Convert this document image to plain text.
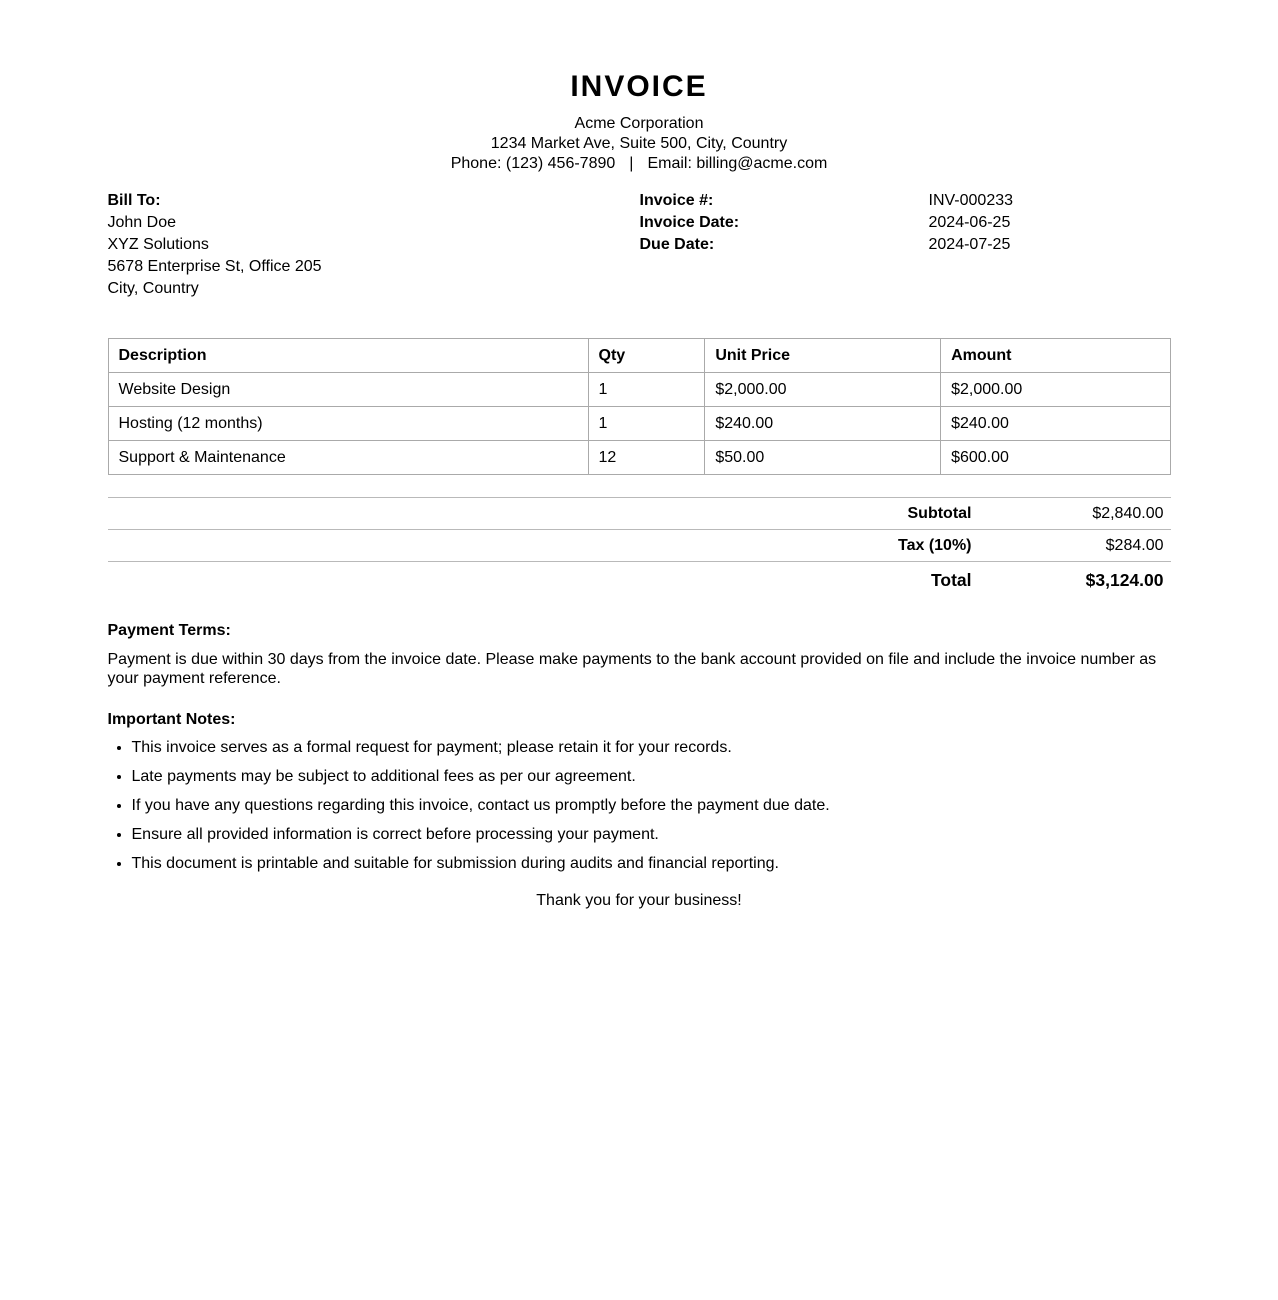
INVOICE
Acme Corporation
1234 Market Ave, Suite 500, City, Country
Phone: (123) 456-7890 | Email: billing@acme.com
Bill To:
John Doe
XYZ Solutions
5678 Enterprise St, Office 205
City, Country
Invoice #:	INV-000233
Invoice Date:	2024-06-25
Due Date:	2024-07-25
Description	Qty	Unit Price	Amount
Website Design	1	$2,000.00	$2,000.00
Hosting (12 months)	1	$240.00	$240.00
Support & Maintenance	12	$50.00	$600.00
Subtotal	$2,840.00
Tax (10%)	$284.00
Total	$3,124.00
Payment Terms:

Payment is due within 30 days from the invoice date. Please make payments to the bank account provided on file and include the invoice number as your payment reference.

Important Notes:
• This invoice serves as a formal request for payment; please retain it for your records.
• Late payments may be subject to additional fees as per our agreement.
• If you have any questions regarding this invoice, contact us promptly before the payment due date.
• Ensure all provided information is correct before processing your payment.
• This document is printable and suitable for submission during audits and financial reporting.

Thank you for your business!
